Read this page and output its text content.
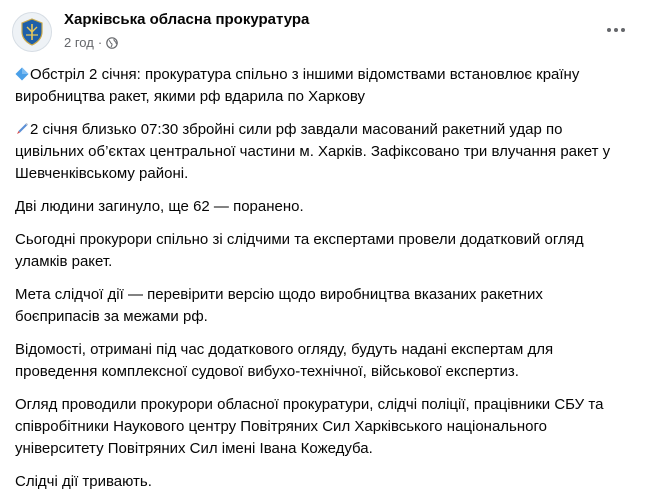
Харківська обласна прокуратура
2 год ·

Обстріл 2 січня: прокуратура спільно з іншими відомствами встановлює країну виробництва ракет, якими рф вдарила по Харкову

2 січня близько 07:30 збройні сили рф завдали масований ракетний удар по цивільних об’єктах центральної частини м. Харків. Зафіксовано три влучання ракет у Шевченківському районі.

Дві людини загинуло, ще 62 — поранено.

Сьогодні прокурори спільно зі слідчими та експертами провели додатковий огляд уламків ракет.

Мета слідчої дії — перевірити версію щодо виробництва вказаних ракетних боєприпасів за межами рф.

Відомості, отримані під час додаткового огляду, будуть надані експертам для проведення комплексної судової вибухо-технічної, військової експертиз.

Огляд проводили прокурори обласної прокуратури, слідчі поліції, працівники СБУ та співробітники Наукового центру Повітряних Сил Харківського національного університету Повітряних Сил імені Івана Кожедуба.

Слідчі дії тривають.
